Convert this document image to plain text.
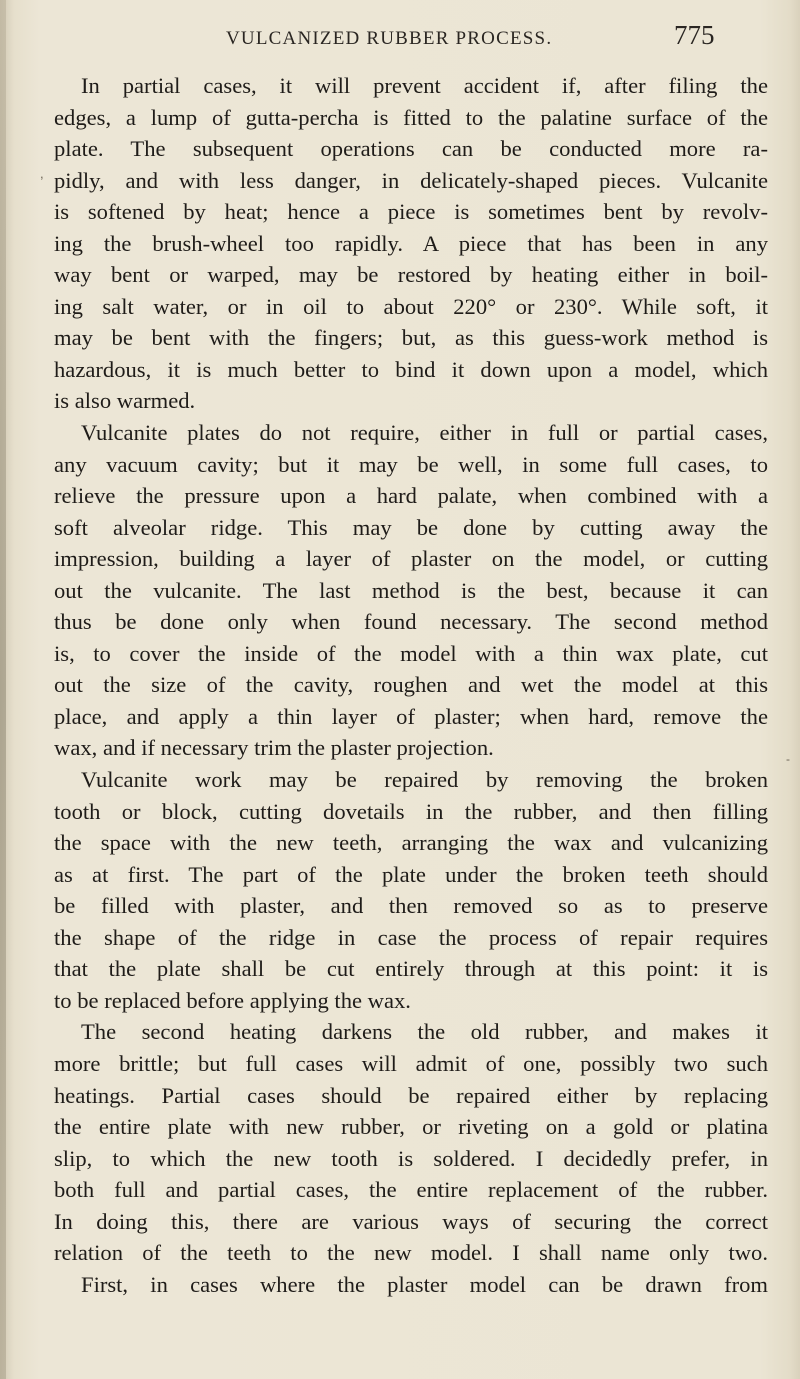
VULCANIZED RUBBER PROCESS.	775
,
-
In partial cases, it will prevent accident if, after filing the
edges, a lump of gutta-percha is fitted to the palatine surface of the
plate. The subsequent operations can be conducted more ra-
pidly, and with less danger, in delicately-shaped pieces. Vulcanite
is softened by heat; hence a piece is sometimes bent by revolv-
ing the brush-wheel too rapidly. A piece that has been in any
way bent or warped, may be restored by heating either in boil-
ing salt water, or in oil to about 220° or 230°. While soft, it
may be bent with the fingers; but, as this guess-work method is
hazardous, it is much better to bind it down upon a model, which
is also warmed.
Vulcanite plates do not require, either in full or partial cases,
any vacuum cavity; but it may be well, in some full cases, to
relieve the pressure upon a hard palate, when combined with a
soft alveolar ridge. This may be done by cutting away the
impression, building a layer of plaster on the model, or cutting
out the vulcanite. The last method is the best, because it can
thus be done only when found necessary. The second method
is, to cover the inside of the model with a thin wax plate, cut
out the size of the cavity, roughen and wet the model at this
place, and apply a thin layer of plaster; when hard, remove the
wax, and if necessary trim the plaster projection.
Vulcanite work may be repaired by removing the broken
tooth or block, cutting dovetails in the rubber, and then filling
the space with the new teeth, arranging the wax and vulcanizing
as at first. The part of the plate under the broken teeth should
be filled with plaster, and then removed so as to preserve
the shape of the ridge in case the process of repair requires
that the plate shall be cut entirely through at this point: it is
to be replaced before applying the wax.
The second heating darkens the old rubber, and makes it
more brittle; but full cases will admit of one, possibly two such
heatings. Partial cases should be repaired either by replacing
the entire plate with new rubber, or riveting on a gold or platina
slip, to which the new tooth is soldered. I decidedly prefer, in
both full and partial cases, the entire replacement of the rubber.
In doing this, there are various ways of securing the correct
relation of the teeth to the new model. I shall name only two.
First, in cases where the plaster model can be drawn from
